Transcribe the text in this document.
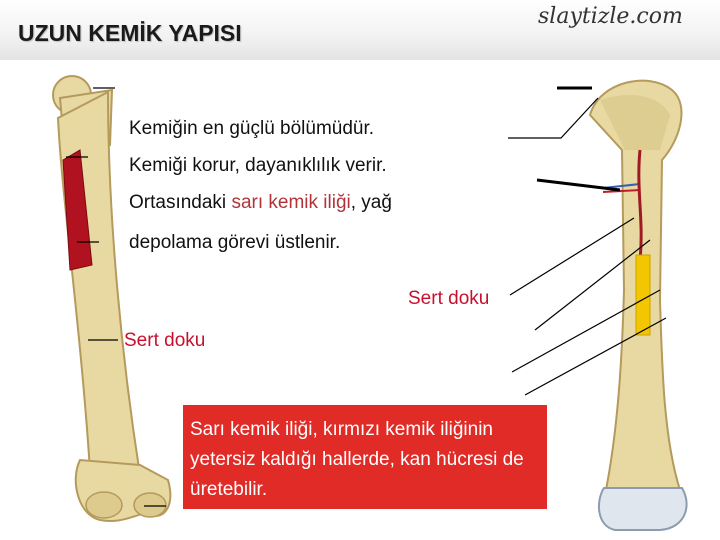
UZUN KEMİK YAPISI
slaytizle.com
Kemiğin en güçlü bölümüdür.
Kemiği korur, dayanıklılık verir.
Ortasındaki sarı kemik iliği, yağ
depolama görevi üstlenir.
Sert doku
Sert doku

Sarı kemik iliği, kırmızı kemik iliğinin yetersiz kaldığı hallerde, kan hücresi de üretebilir.
